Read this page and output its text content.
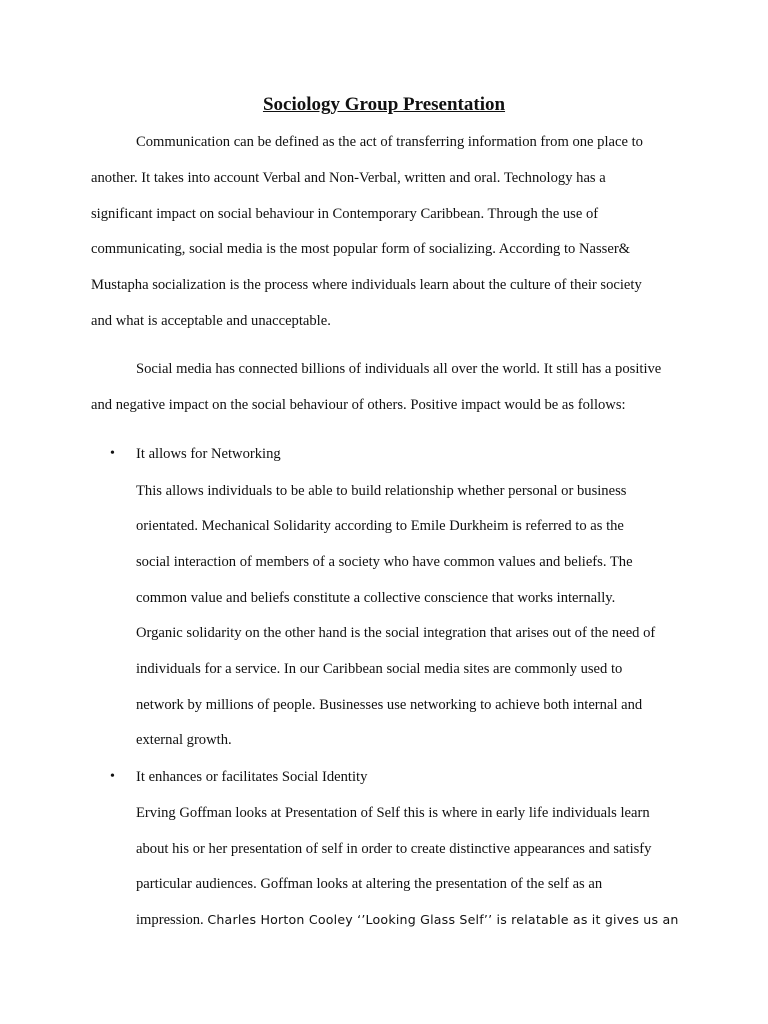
Sociology Group Presentation

Communication can be defined as the act of transferring information from one place to

another. It takes into account Verbal and Non-Verbal, written and oral. Technology has a

significant impact on social behaviour in Contemporary Caribbean. Through the use of

communicating, social media is the most popular form of socializing. According to Nasser&

Mustapha socialization is the process where individuals learn about the culture of their society

and what is acceptable and unacceptable.

Social media has connected billions of individuals all over the world. It still has a positive

and negative impact on the social behaviour of others. Positive impact would be as follows:

• It allows for Networking

This allows individuals to be able to build relationship whether personal or business

orientated. Mechanical Solidarity according to Emile Durkheim is referred to as the

social interaction of members of a society who have common values and beliefs. The

common value and beliefs constitute a collective conscience that works internally.

Organic solidarity on the other hand is the social integration that arises out of the need of

individuals for a service. In our Caribbean social media sites are commonly used to

network by millions of people. Businesses use networking to achieve both internal and

external growth.

• It enhances or facilitates Social Identity

Erving Goffman looks at Presentation of Self this is where in early life individuals learn

about his or her presentation of self in order to create distinctive appearances and satisfy

particular audiences. Goffman looks at altering the presentation of the self as an

impression. Charles Horton Cooley ‘’Looking Glass Self’’ is relatable as it gives us an
